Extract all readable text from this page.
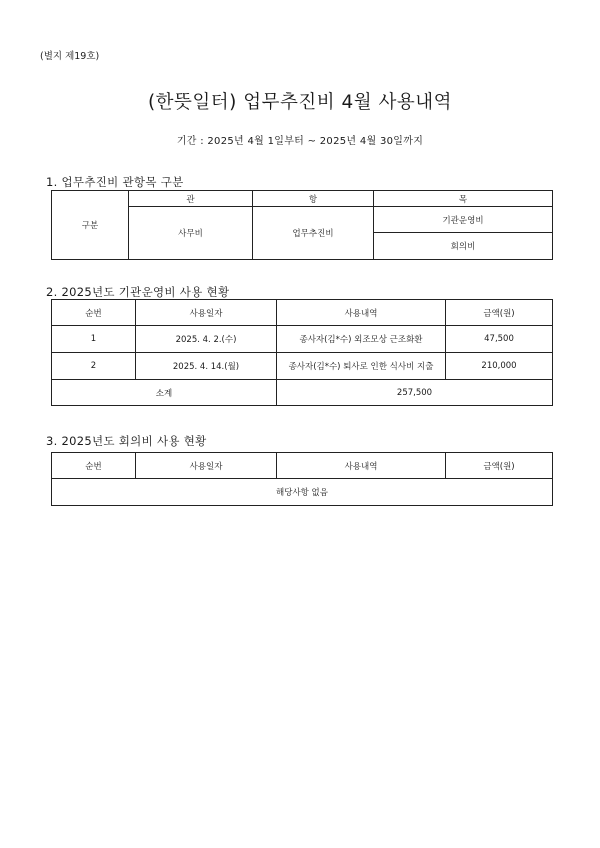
(별지 제19호)
(한뜻일터) 업무추진비 4월 사용내역
기간 : 2025년 4월 1일부터 ~ 2025년 4월 30일까지
1. 업무추진비 관항목 구분
구분	관	항	목
	사무비	업무추진비	기관운영비
			회의비
2. 2025년도 기관운영비 사용 현황
순번	사용일자	사용내역	금액(원)
1	2025. 4. 2.(수)	종사자(김*수) 외조모상 근조화환	47,500
2	2025. 4. 14.(월)	종사자(김*수) 퇴사로 인한 식사비 지출	210,000
소계		257,500	
3. 2025년도 회의비 사용 현황
순번	사용일자	사용내역	금액(원)
해당사항 없음
